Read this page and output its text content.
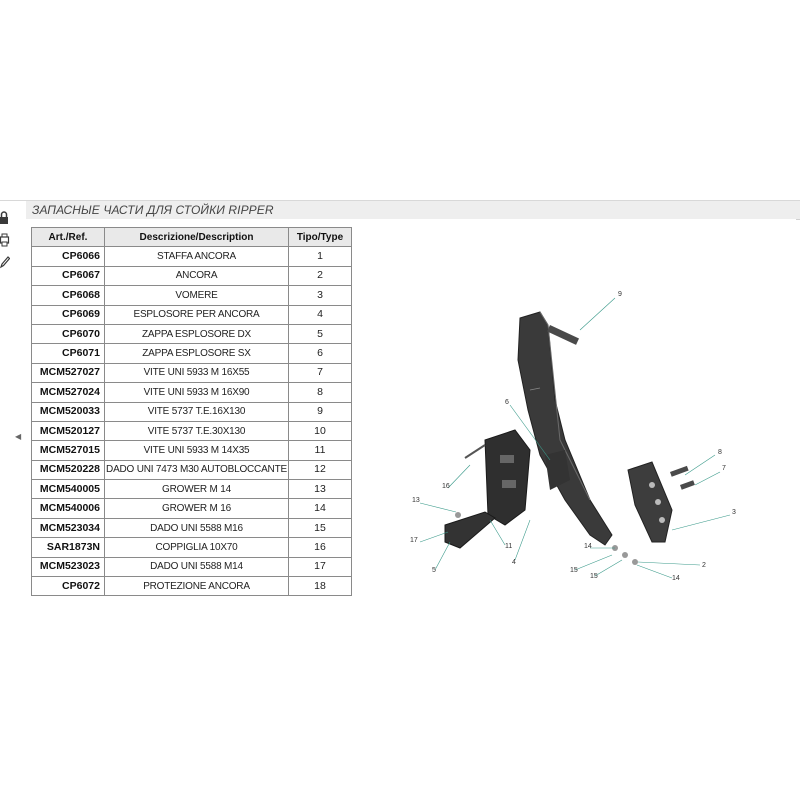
◀
ЗАПАСНЫЕ ЧАСТИ ДЛЯ СТОЙКИ RIPPER
Art./Ref.	Descrizione/Description	Tipo/Type
CP6066	STAFFA ANCORA	1
CP6067	ANCORA	2
CP6068	VOMERE	3
CP6069	ESPLOSORE PER ANCORA	4
CP6070	ZAPPA ESPLOSORE DX	5
CP6071	ZAPPA ESPLOSORE SX	6
MCM527027	VITE UNI 5933 M 16X55	7
MCM527024	VITE UNI 5933 M 16X90	8
MCM520033	VITE 5737 T.E.16X130	9
MCM520127	VITE 5737 T.E.30X130	10
MCM527015	VITE UNI 5933 M 14X35	11
MCM520228	DADO UNI 7473 M30 AUTOBLOCCANTE	12
MCM540005	GROWER M 14	13
MCM540006	GROWER M 16	14
MCM523034	DADO UNI 5588 M16	15
SAR1873N	COPPIGLIA 10X70	16
MCM523023	DADO UNI 5588 M14	17
CP6072	PROTEZIONE ANCORA	18
9
6
8
7
3
16
13
17
11
4
5
14
15
15
2
14
